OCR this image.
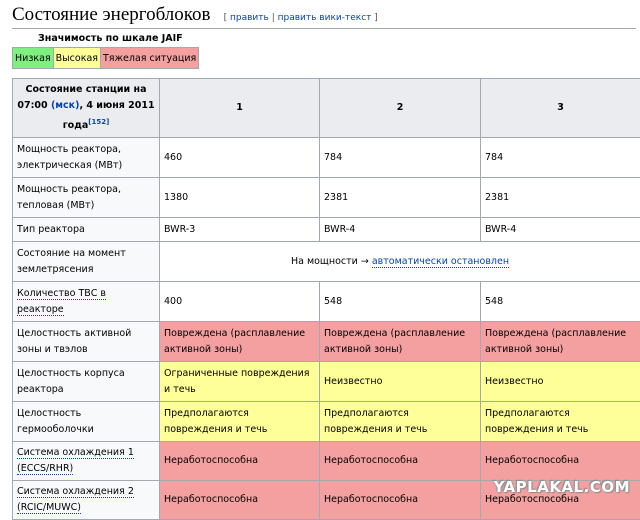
Состояние энергоблоков [ править | править вики-текст ]
Значимость по шкале JAIF
Низкая	Высокая	Тяжелая ситуация
Состояние станции на
07:00 (мск), 4 июня 2011
года[152]	1	2	3
Мощность реактора, электрическая (МВт)	460	784	784
Мощность реактора, тепловая (МВт)	1380	2381	2381
Тип реактора	BWR-3	BWR-4	BWR-4
Состояние на момент землетрясения	На мощности → автоматически остановлен		
Количество ТВС в реакторе	400	548	548
Целостность активной зоны и твэлов	Повреждена (расплавление активной зоны)	Повреждена (расплавление активной зоны)	Повреждена (расплавление активной зоны)
Целостность корпуса реактора	Ограниченные повреждения и течь	Неизвестно	Неизвестно
Целостность гермооболочки	Предполагаются повреждения и течь	Предполагаются повреждения и течь	Предполагаются повреждения и течь
Система охлаждения 1 (ECCS/RHR)	Неработоспособна	Неработоспособна	Неработоспособна
Система охлаждения 2 (RCIC/MUWC)	Неработоспособна	Неработоспособна	Неработоспособна
YAPLAKAL.COM
